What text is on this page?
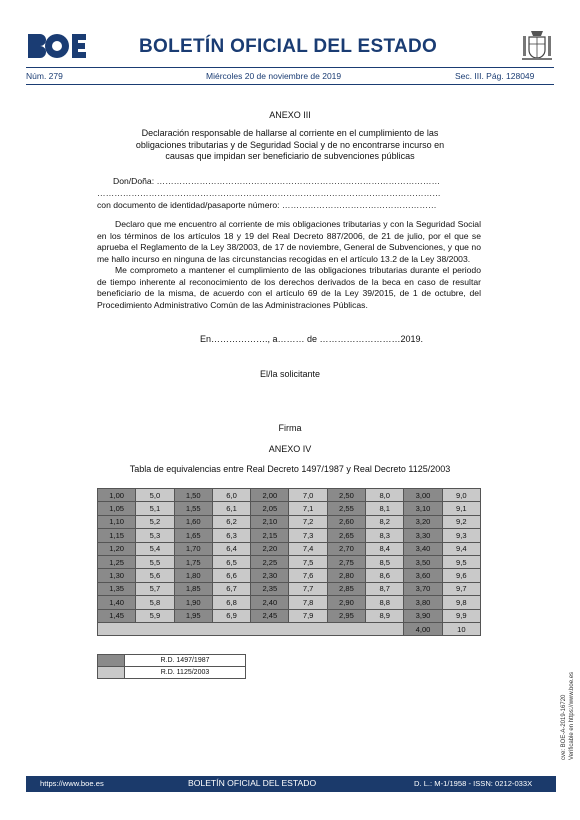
BOLETÍN OFICIAL DEL ESTADO
Núm. 279	Miércoles 20 de noviembre de 2019	Sec. III. Pág. 128049
ANEXO III
Declaración responsable de hallarse al corriente en el cumplimiento de las
obligaciones tributarias y de Seguridad Social y de no encontrarse incurso en
causas que impidan ser beneficiario de subvenciones públicas
Don/Doña: ………………………………………………………………………………………
…………………………………………………………………………………………………………
con documento de identidad/pasaporte número: ………………………………………………

Declaro que me encuentro al corriente de mis obligaciones tributarias y con la Seguridad Social en los términos de los artículos 18 y 19 del Real Decreto 887/2006, de 21 de julio, por el que se aprueba el Reglamento de la Ley 38/2003, de 17 de noviembre, General de Subvenciones, y que no me hallo incurso en ninguna de las circunstancias recogidas en el artículo 13.2 de la Ley 38/2003.

Me comprometo a mantener el cumplimiento de las obligaciones tributarias durante el periodo de tiempo inherente al reconocimiento de los derechos derivados de la beca en caso de resultar beneficiario de la misma, de acuerdo con el artículo 69 de la Ley 39/2015, de 1 de octubre, del Procedimiento Administrativo Común de las Administraciones Públicas.

En………………., a……… de ………………………2019.
El/la solicitante
Firma
ANEXO IV
Tabla de equivalencias entre Real Decreto 1497/1987 y Real Decreto 1125/2003
1,00	5,0	1,50	6,0	2,00	7,0	2,50	8,0	3,00	9,0
1,05	5,1	1,55	6,1	2,05	7,1	2,55	8,1	3,10	9,1
1,10	5,2	1,60	6,2	2,10	7,2	2,60	8,2	3,20	9,2
1,15	5,3	1,65	6,3	2,15	7,3	2,65	8,3	3,30	9,3
1,20	5,4	1,70	6,4	2,20	7,4	2,70	8,4	3,40	9,4
1,25	5,5	1,75	6,5	2,25	7,5	2,75	8,5	3,50	9,5
1,30	5,6	1,80	6,6	2,30	7,6	2,80	8,6	3,60	9,6
1,35	5,7	1,85	6,7	2,35	7,7	2,85	8,7	3,70	9,7
1,40	5,8	1,90	6,8	2,40	7,8	2,90	8,8	3,80	9,8
1,45	5,9	1,95	6,9	2,45	7,9	2,95	8,9	3,90	9,9
								4,00	10
	R.D. 1497/1987
	R.D. 1125/2003
cve: BOE-A-2019-16720 Verificable en https://www.boe.es
https://www.boe.es	BOLETÍN OFICIAL DEL ESTADO	D. L.: M-1/1958 - ISSN: 0212-033X
